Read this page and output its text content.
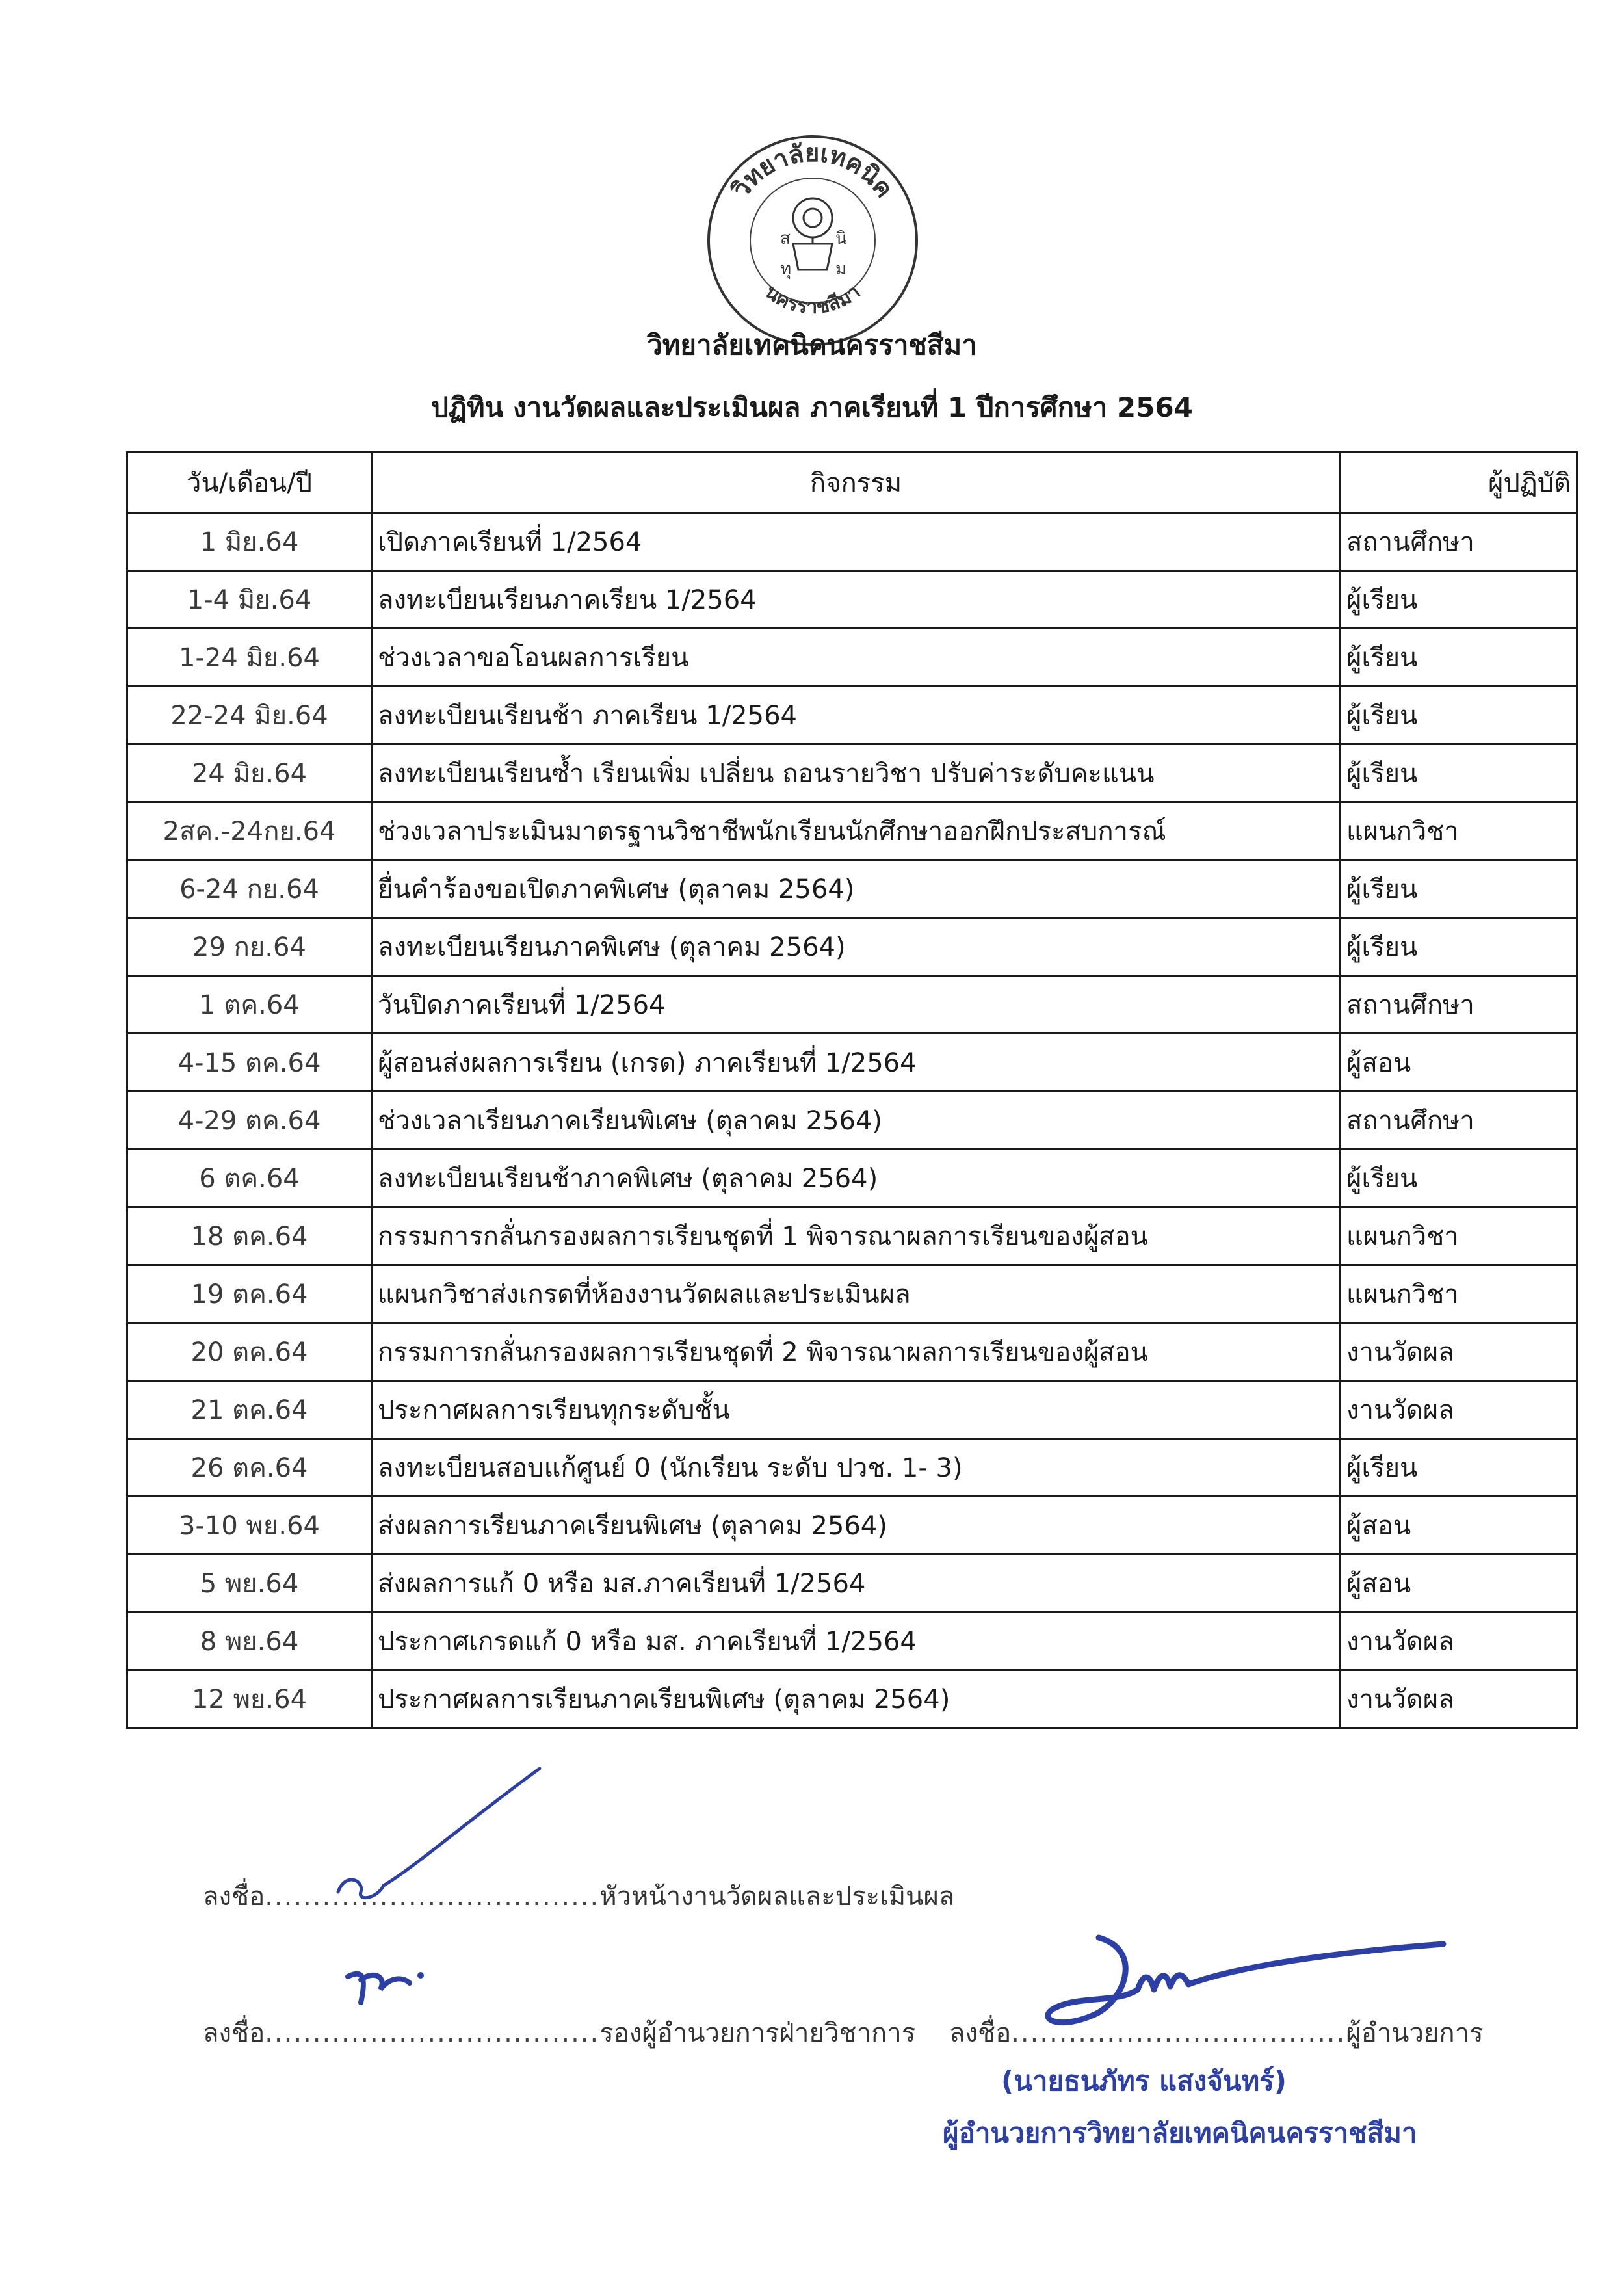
วิทยาลัยเทคนิค
นครราชสีมา
ส	นิ
ทุ	ม
วิทยาลัยเทคนิคนครราชสีมา
ปฏิทิน งานวัดผลและประเมินผล ภาคเรียนที่ 1 ปีการศึกษา 2564
วัน/เดือน/ปี	กิจกรรม	ผู้ปฏิบัติ
1 มิย.64	เปิดภาคเรียนที่ 1/2564	สถานศึกษา
1-4 มิย.64	ลงทะเบียนเรียนภาคเรียน 1/2564	ผู้เรียน
1-24 มิย.64	ช่วงเวลาขอโอนผลการเรียน	ผู้เรียน
22-24 มิย.64	ลงทะเบียนเรียนช้า ภาคเรียน 1/2564	ผู้เรียน
24 มิย.64	ลงทะเบียนเรียนซ้ำ เรียนเพิ่ม เปลี่ยน ถอนรายวิชา ปรับค่าระดับคะแนน	ผู้เรียน
2สค.-24กย.64	ช่วงเวลาประเมินมาตรฐานวิชาชีพนักเรียนนักศึกษาออกฝึกประสบการณ์	แผนกวิชา
6-24 กย.64	ยื่นคำร้องขอเปิดภาคพิเศษ (ตุลาคม 2564)	ผู้เรียน
29 กย.64	ลงทะเบียนเรียนภาคพิเศษ (ตุลาคม 2564)	ผู้เรียน
1 ตค.64	วันปิดภาคเรียนที่ 1/2564	สถานศึกษา
4-15 ตค.64	ผู้สอนส่งผลการเรียน (เกรด) ภาคเรียนที่ 1/2564	ผู้สอน
4-29 ตค.64	ช่วงเวลาเรียนภาคเรียนพิเศษ (ตุลาคม 2564)	สถานศึกษา
6 ตค.64	ลงทะเบียนเรียนช้าภาคพิเศษ (ตุลาคม 2564)	ผู้เรียน
18 ตค.64	กรรมการกลั่นกรองผลการเรียนชุดที่ 1 พิจารณาผลการเรียนของผู้สอน	แผนกวิชา
19 ตค.64	แผนกวิชาส่งเกรดที่ห้องงานวัดผลและประเมินผล	แผนกวิชา
20 ตค.64	กรรมการกลั่นกรองผลการเรียนชุดที่ 2 พิจารณาผลการเรียนของผู้สอน	งานวัดผล
21 ตค.64	ประกาศผลการเรียนทุกระดับชั้น	งานวัดผล
26 ตค.64	ลงทะเบียนสอบแก้ศูนย์ 0 (นักเรียน ระดับ ปวช. 1- 3)	ผู้เรียน
3-10 พย.64	ส่งผลการเรียนภาคเรียนพิเศษ (ตุลาคม 2564)	ผู้สอน
5 พย.64	ส่งผลการแก้ 0 หรือ มส.ภาคเรียนที่ 1/2564	ผู้สอน
8 พย.64	ประกาศเกรดแก้ 0 หรือ มส. ภาคเรียนที่ 1/2564	งานวัดผล
12 พย.64	ประกาศผลการเรียนภาคเรียนพิเศษ (ตุลาคม 2564)	งานวัดผล
ลงชื่อ...................................หัวหน้างานวัดผลและประเมินผล
ลงชื่อ...................................รองผู้อำนวยการฝ่ายวิชาการ ลงชื่อ...................................ผู้อำนวยการ
(นายธนภัทร แสงจันทร์)
ผู้อำนวยการวิทยาลัยเทคนิคนครราชสีมา
